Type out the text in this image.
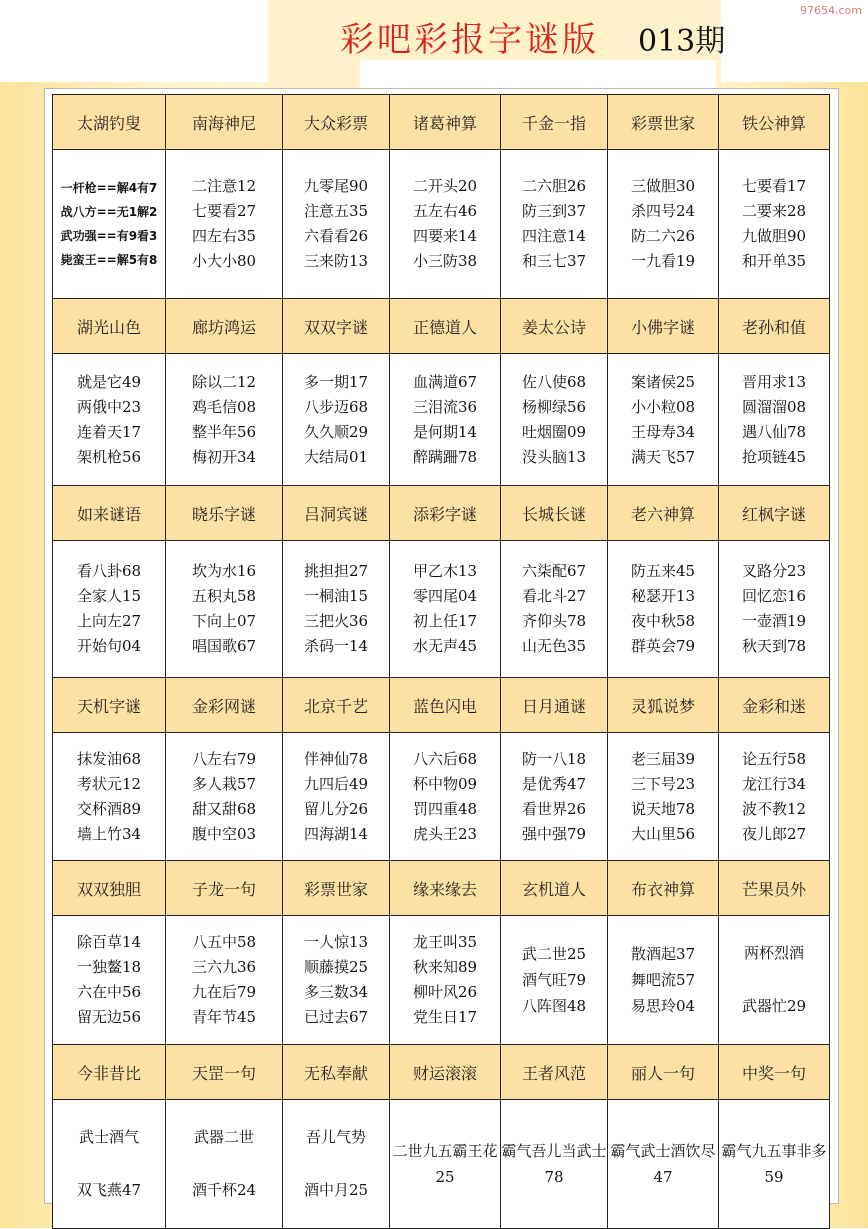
彩吧彩报字谜版 013期
97654.com
太湖钓叟	南海神尼	大众彩票	诸葛神算	千金一指	彩票世家	铁公神算

一杆枪==解4有7
战八方==无1解2
武功强==有9看3
毙蛮王==解5有8	二注意12
七要看27
四左右35
小大小80	九零尾90
注意五35
六看看26
三来防13	二开头20
五左右46
四要来14
小三防38	二六胆26
防三到37
四注意14
和三七37	三做胆30
杀四号24
防二六26
一九看19	七要看17
二要来28
九做胆90
和开单35

湖光山色	廊坊鸿运	双双字谜	正德道人	姜太公诗	小佛字谜	老孙和值

就是它49
两俄中23
连着天17
架机枪56	除以二12
鸡毛信08
整半年56
梅初开34	多一期17
八步迈68
久久顺29
大结局01	血满道67
三泪流36
是何期14
醉蹒跚78	佐八使68
杨柳绿56
吐烟圈09
没头脑13	案诸侯25
小小粒08
王母寿34
满天飞57	晋用求13
圆溜溜08
遇八仙78
抢项链45

如来谜语	晓乐字谜	吕洞宾谜	添彩字谜	长城长谜	老六神算	红枫字谜

看八卦68
全家人15
上向左27
开始句04	坎为水16
五积丸58
下向上07
唱国歌67	挑担担27
一桐油15
三把火36
杀码一14	甲乙木13
零四尾04
初上任17
水无声45	六柒配67
看北斗27
齐仰头78
山无色35	防五来45
秘瑟开13
夜中秋58
群英会79	叉路分23
回忆恋16
一壶酒19
秋天到78

天机字谜	金彩网谜	北京千艺	蓝色闪电	日月通谜	灵狐说梦	金彩和迷

抹发油68
考状元12
交杯酒89
墙上竹34	八左右79
多人栽57
甜又甜68
腹中空03	伴神仙78
九四后49
留儿分26
四海湖14	八六后68
杯中物09
罚四重48
虎头王23	防一八18
是优秀47
看世界26
强中强79	老三届39
三下号23
说天地78
大山里56	论五行58
龙江行34
波不教12
夜儿郎27

双双独胆	子龙一句	彩票世家	缘来缘去	玄机道人	布衣神算	芒果员外

除百草14
一独鳌18
六在中56
留无边56	八五中58
三六九36
九在后79
青年节45	一人惊13
顺藤摸25
多三数34
已过去67	龙王叫35
秋来知89
柳叶风26
党生日17	武二世25
酒气旺79
八阵图48	散酒起37
舞吧流57
易思玲04	两杯烈酒
武器忙29

今非昔比	天罡一句	无私奉献	财运滚滚	王者风范	丽人一句	中奖一句

武士酒气
双飞燕47	武器二世
酒千杯24	吾儿气势
酒中月25	二世九五霸王花25	霸气吾儿当武士78	霸气武士酒饮尽47	霸气九五事非多59
